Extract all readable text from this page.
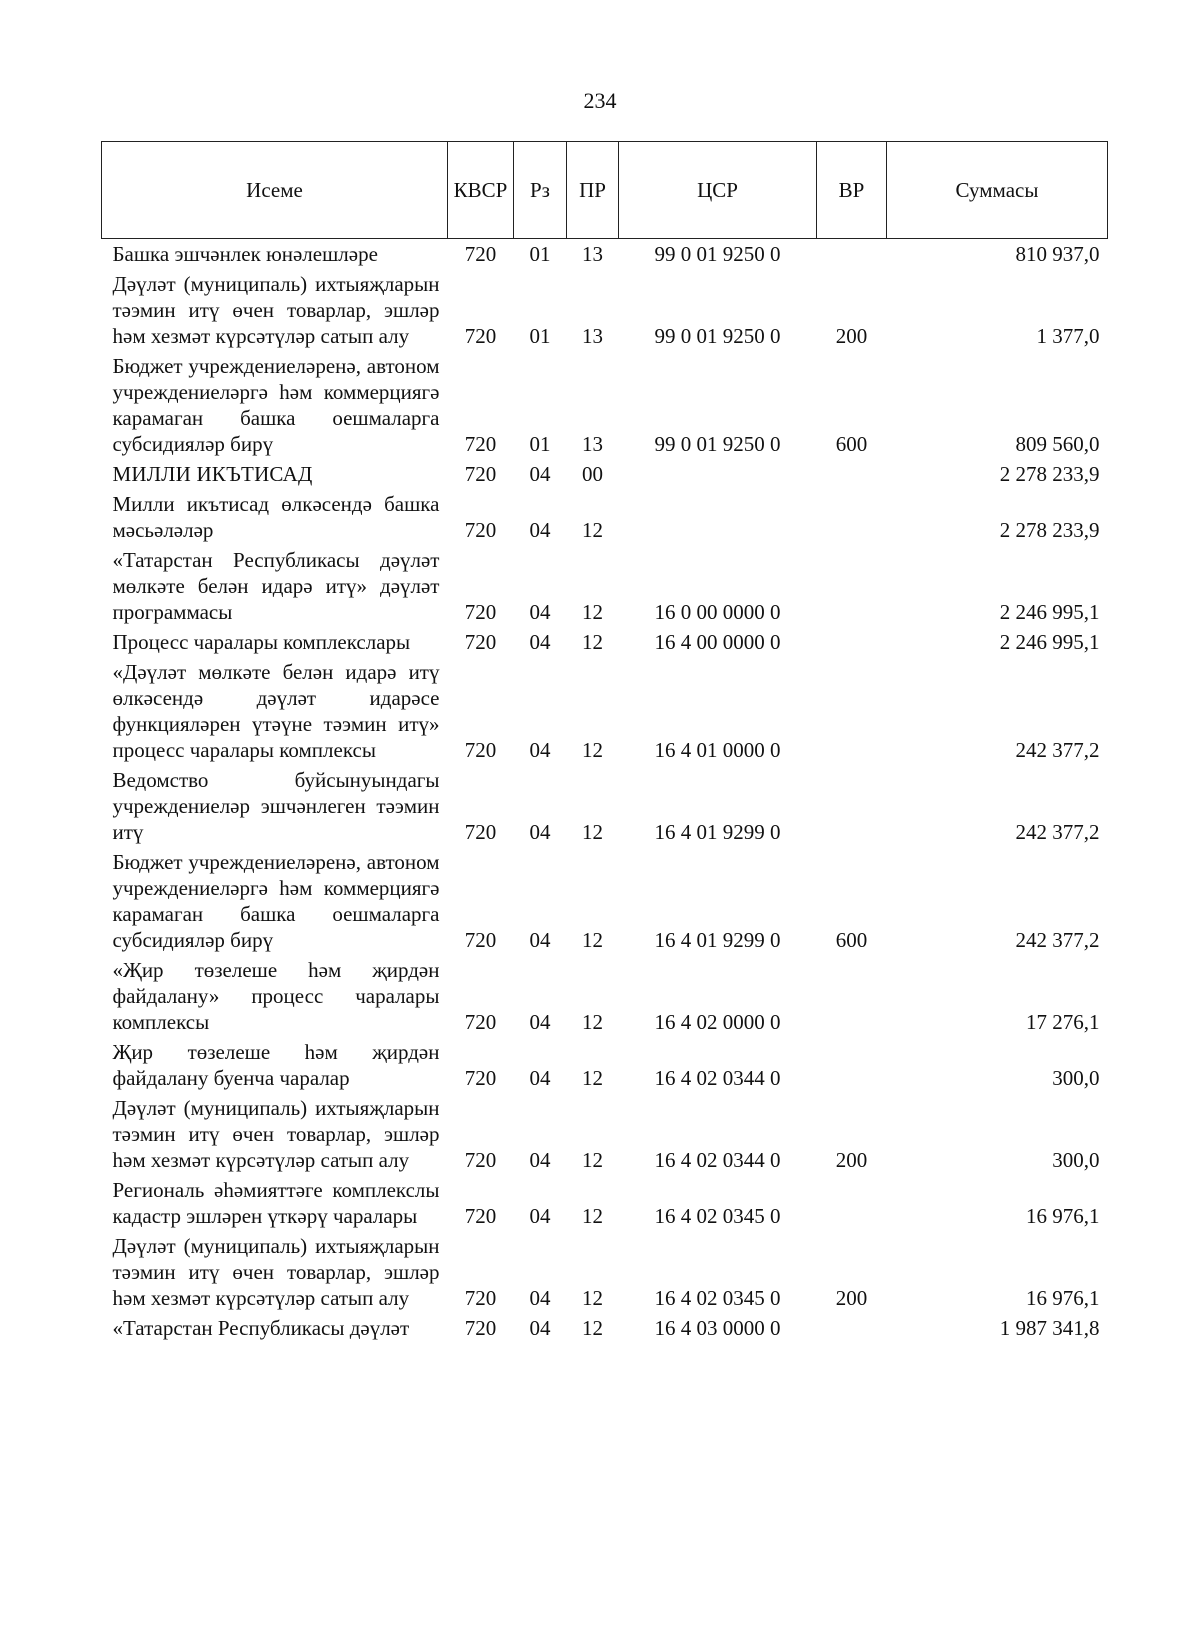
234
Исеме	КВСР	Рз	ПР	ЦСР	ВР	Суммасы
Башка эшчәнлек юнәлешләре	720	01	13	99 0 01 9250 0		810 937,0
Дәүләт (муниципаль) ихтыяҗларын тәэмин итү өчен товарлар, эшләр һәм хезмәт күрсәтүләр сатып алу	720	01	13	99 0 01 9250 0	200	1 377,0
Бюджет учреждениеләренә, автоном учреждениеләргә һәм коммерциягә карамаган башка оешмаларга субсидияләр бирү	720	01	13	99 0 01 9250 0	600	809 560,0
МИЛЛИ ИКЪТИСАД	720	04	00			2 278 233,9
Милли икътисад өлкәсендә башка мәсьәләләр	720	04	12			2 278 233,9
«Татарстан Республикасы дәүләт мөлкәте белән идарә итү» дәүләт программасы	720	04	12	16 0 00 0000 0		2 246 995,1
Процесс чаралары комплекслары	720	04	12	16 4 00 0000 0		2 246 995,1
«Дәүләт мөлкәте белән идарә итү өлкәсендә дәүләт идарәсе функцияләрен үтәүне тәэмин итү» процесс чаралары комплексы	720	04	12	16 4 01 0000 0		242 377,2
Ведомство буйсынуындагы учреждениеләр эшчәнлеген тәэмин итү	720	04	12	16 4 01 9299 0		242 377,2
Бюджет учреждениеләренә, автоном учреждениеләргә һәм коммерциягә карамаган башка оешмаларга субсидияләр бирү	720	04	12	16 4 01 9299 0	600	242 377,2
«Җир төзелеше һәм җирдән файдалану» процесс чаралары комплексы	720	04	12	16 4 02 0000 0		17 276,1
Җир төзелеше һәм җирдән файдалану буенча чаралар	720	04	12	16 4 02 0344 0		300,0
Дәүләт (муниципаль) ихтыяҗларын тәэмин итү өчен товарлар, эшләр һәм хезмәт күрсәтүләр сатып алу	720	04	12	16 4 02 0344 0	200	300,0
Региональ әһәмияттәге комплекслы кадастр эшләрен үткәрү чаралары	720	04	12	16 4 02 0345 0		16 976,1
Дәүләт (муниципаль) ихтыяҗларын тәэмин итү өчен товарлар, эшләр һәм хезмәт күрсәтүләр сатып алу	720	04	12	16 4 02 0345 0	200	16 976,1
«Татарстан Республикасы дәүләт	720	04	12	16 4 03 0000 0		1 987 341,8
